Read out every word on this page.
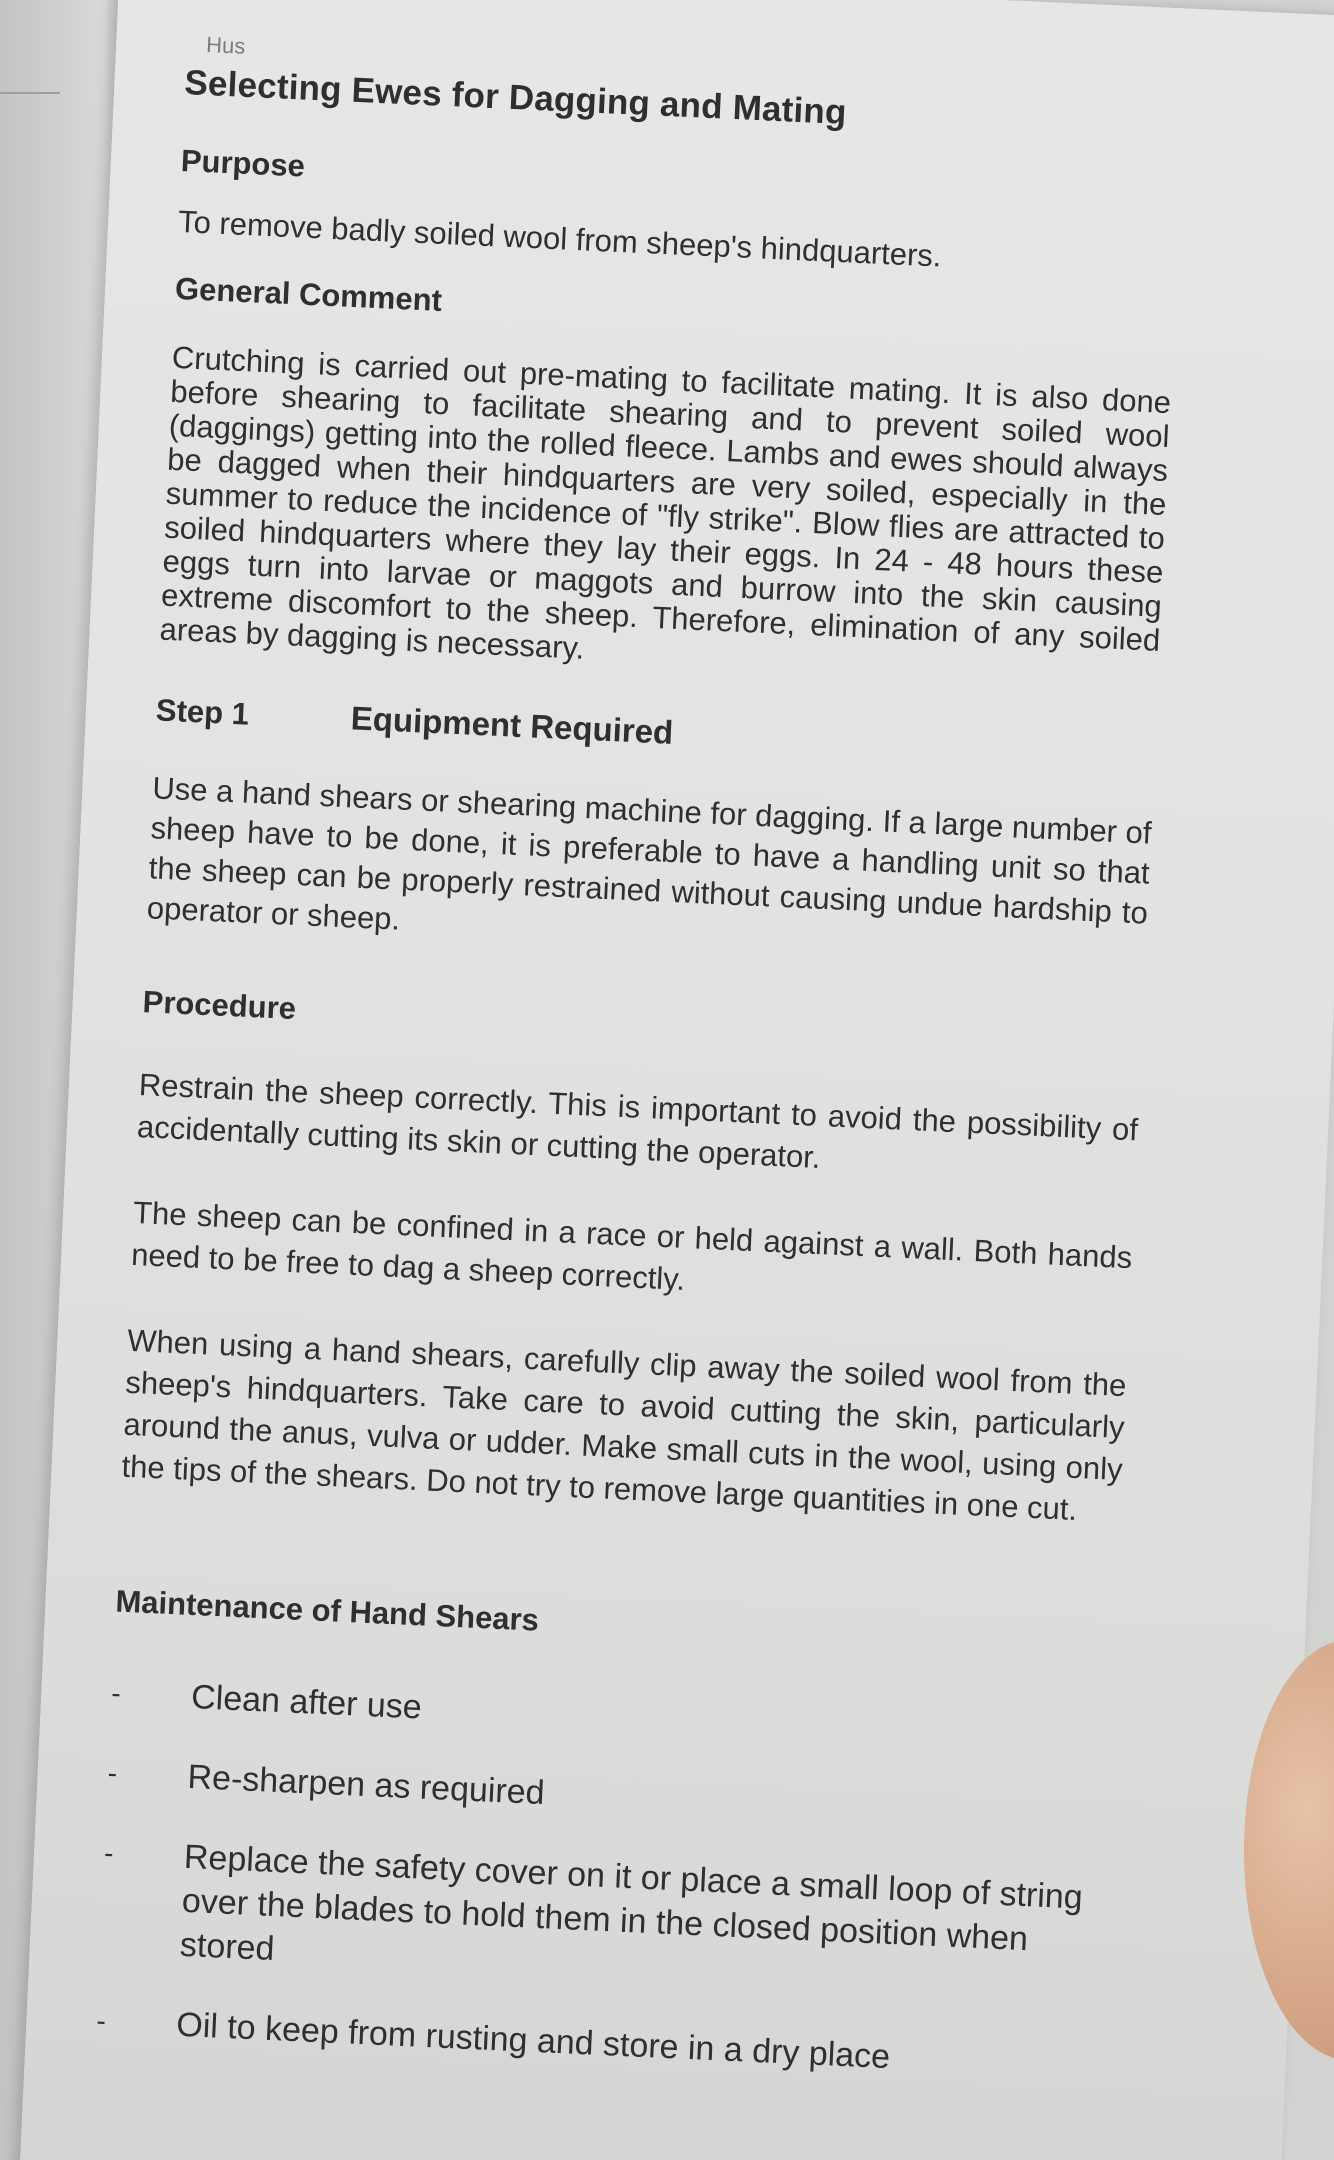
Hus
Selecting Ewes for Dagging and Mating
Purpose

To remove badly soiled wool from sheep's hindquarters.

General Comment

Crutching is carried out pre-mating to facilitate mating. It is also done before shearing to facilitate shearing and to prevent soiled wool (daggings) getting into the rolled fleece. Lambs and ewes should always be dagged when their hindquarters are very soiled, especially in the summer to reduce the incidence of "fly strike". Blow flies are attracted to soiled hindquarters where they lay their eggs. In 24 - 48 hours these eggs turn into larvae or maggots and burrow into the skin causing extreme discomfort to the sheep. Therefore, elimination of any soiled areas by dagging is necessary.

Step 1	Equipment Required

Use a hand shears or shearing machine for dagging. If a large number of sheep have to be done, it is preferable to have a handling unit so that the sheep can be properly restrained without causing undue hardship to operator or sheep.

Procedure

Restrain the sheep correctly. This is important to avoid the possibility of accidentally cutting its skin or cutting the operator.

The sheep can be confined in a race or held against a wall. Both hands need to be free to dag a sheep correctly.

When using a hand shears, carefully clip away the soiled wool from the sheep's hindquarters. Take care to avoid cutting the skin, particularly around the anus, vulva or udder. Make small cuts in the wool, using only the tips of the shears. Do not try to remove large quantities in one cut.

Maintenance of Hand Shears
- Clean after use
- Re-sharpen as required
- Replace the safety cover on it or place a small loop of string over the blades to hold them in the closed position when stored
- Oil to keep from rusting and store in a dry place
